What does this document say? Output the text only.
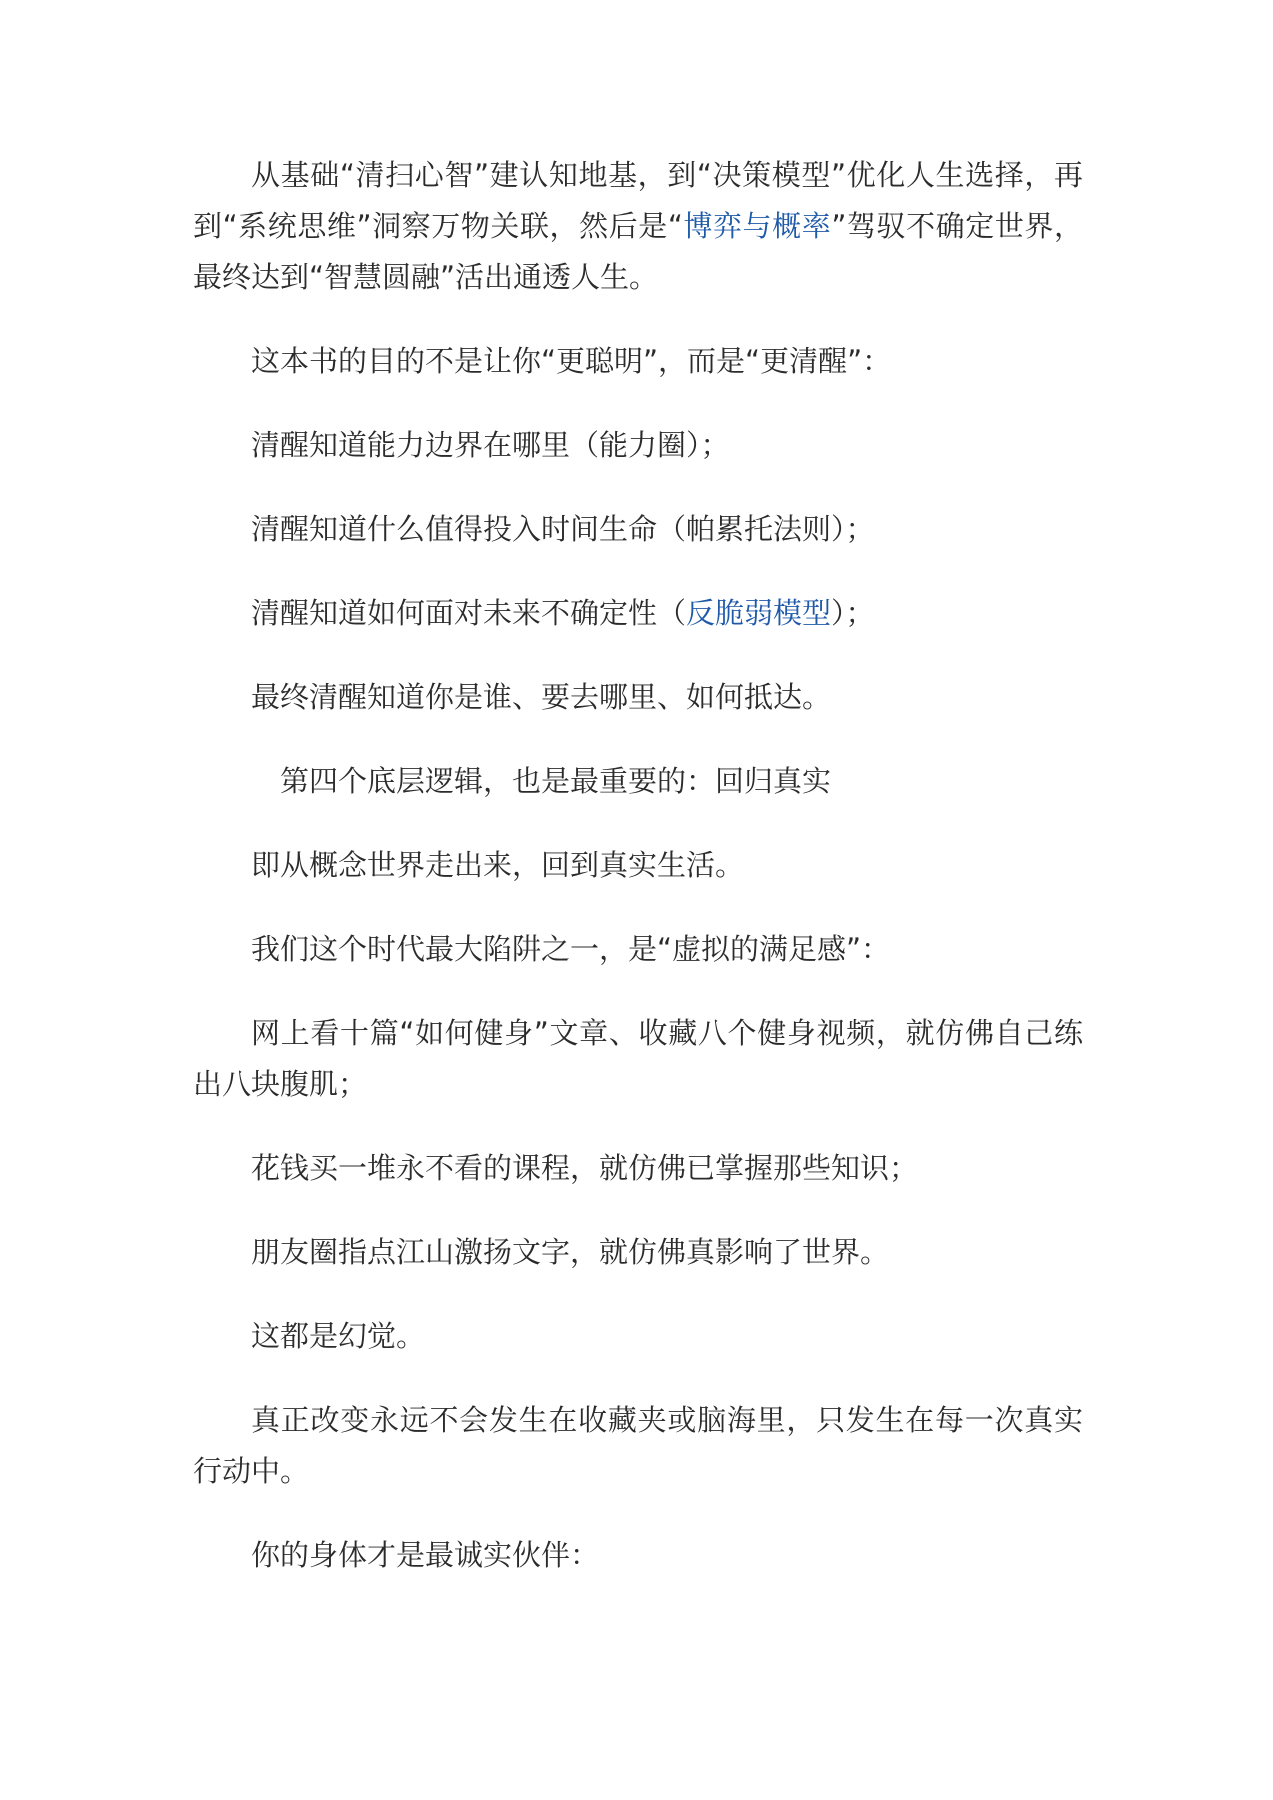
从基础“清扫心智”建认知地基，到“决策模型”优化人生选择，再到“系统思维”洞察万物关联，然后是“博弈与概率”驾驭不确定世界，最终达到“智慧圆融”活出通透人生。

这本书的目的不是让你“更聪明”，而是“更清醒”：

清醒知道能力边界在哪里（能力圈）；

清醒知道什么值得投入时间生命（帕累托法则）；

清醒知道如何面对未来不确定性（反脆弱模型）；

最终清醒知道你是谁、要去哪里、如何抵达。

第四个底层逻辑，也是最重要的：回归真实

即从概念世界走出来，回到真实生活。

我们这个时代最大陷阱之一，是“虚拟的满足感”：

网上看十篇“如何健身”文章、收藏八个健身视频，就仿佛自己练出八块腹肌；

花钱买一堆永不看的课程，就仿佛已掌握那些知识；

朋友圈指点江山激扬文字，就仿佛真影响了世界。

这都是幻觉。

真正改变永远不会发生在收藏夹或脑海里，只发生在每一次真实行动中。

你的身体才是最诚实伙伴：
